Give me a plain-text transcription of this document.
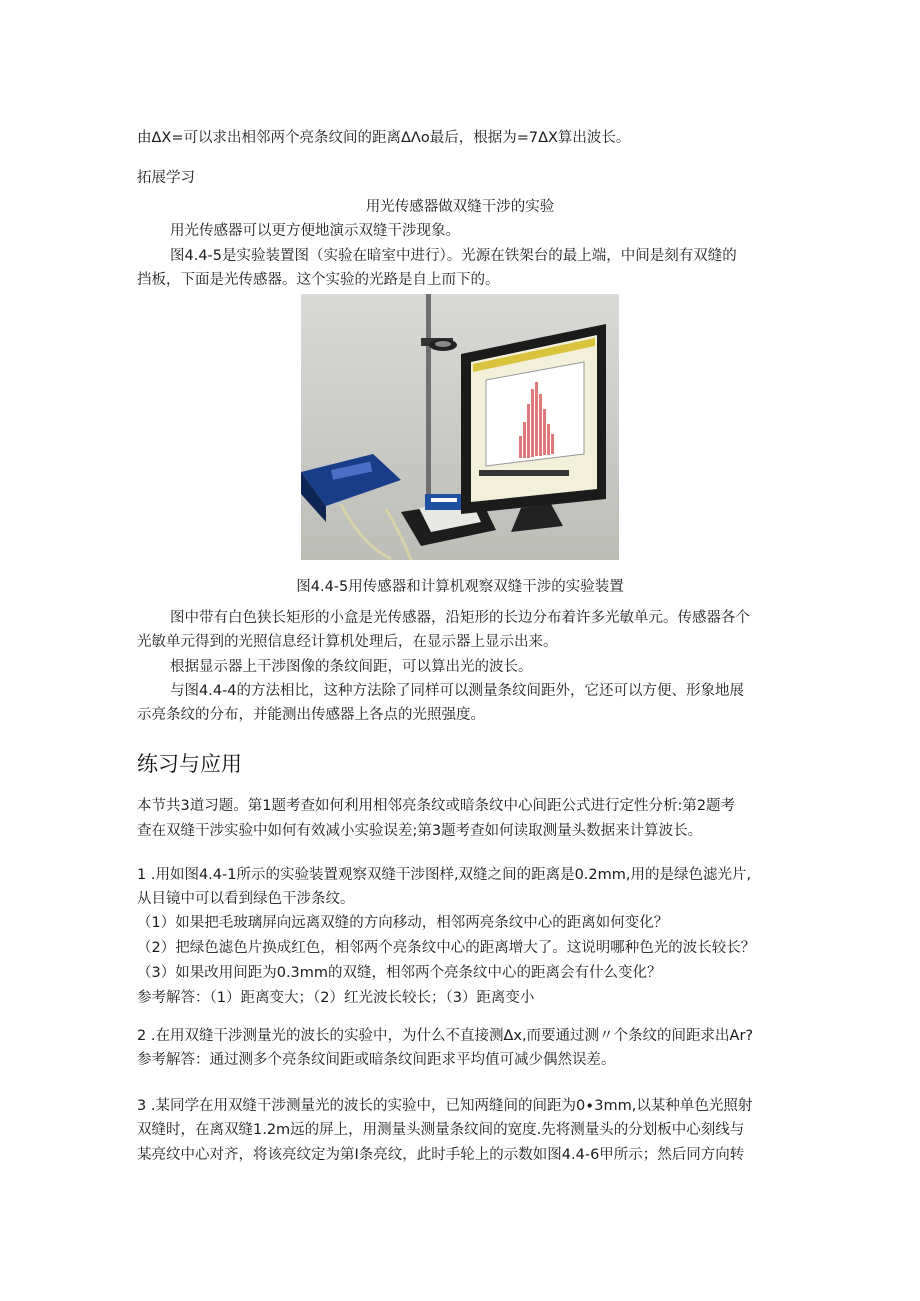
由ΔX=可以求出相邻两个亮条纹间的距离ΔΛo最后，根据为=7ΔX算出波长。
拓展学习
用光传感器做双缝干涉的实验
用光传感器可以更方便地演示双缝干涉现象。
图4.4-5是实验装置图（实验在暗室中进行）。光源在铁架台的最上端，中间是刻有双缝的
挡板，下面是光传感器。这个实验的光路是自上而下的。
图4.4-5用传感器和计算机观察双缝干涉的实验装置
图中带有白色狭长矩形的小盒是光传感器，沿矩形的长边分布着许多光敏单元。传感器各个
光敏单元得到的光照信息经计算机处理后，在显示器上显示出来。
根据显示器上干涉图像的条纹间距，可以算出光的波长。
与图4.4-4的方法相比，这种方法除了同样可以测量条纹间距外，它还可以方便、形象地展
示亮条纹的分布，并能测出传感器上各点的光照强度。
练习与应用
本节共3道习题。第1题考查如何利用相邻亮条纹或暗条纹中心间距公式进行定性分析:第2题考
查在双缝干涉实验中如何有效减小实验误差;第3题考查如何读取测量头数据来计算波长。
1 .用如图4.4-1所示的实验装置观察双缝干涉图样,双缝之间的距离是0.2mm,用的是绿色滤光片,
从目镜中可以看到绿色干涉条纹。
（1）如果把毛玻璃屏向远离双缝的方向移动，相邻两亮条纹中心的距离如何变化？
（2）把绿色滤色片换成红色，相邻两个亮条纹中心的距离增大了。这说明哪种色光的波长较长？
（3）如果改用间距为0.3mm的双缝，相邻两个亮条纹中心的距离会有什么变化？
参考解答：（1）距离变大；（2）红光波长较长；（3）距离变小
2 .在用双缝干涉测量光的波长的实验中，为什么不直接测Δx,而要通过测〃个条纹的间距求出Ar?
参考解答：通过测多个亮条纹间距或暗条纹间距求平均值可减少偶然误差。
3 .某同学在用双缝干涉测量光的波长的实验中，已知两缝间的间距为0∙3mm,以某种单色光照射
双缝时，在离双缝1.2m远的屏上，用测量头测量条纹间的宽度.先将测量头的分划板中心刻线与
某亮纹中心对齐，将该亮纹定为第I条亮纹，此时手轮上的示数如图4.4-6甲所示；然后同方向转
